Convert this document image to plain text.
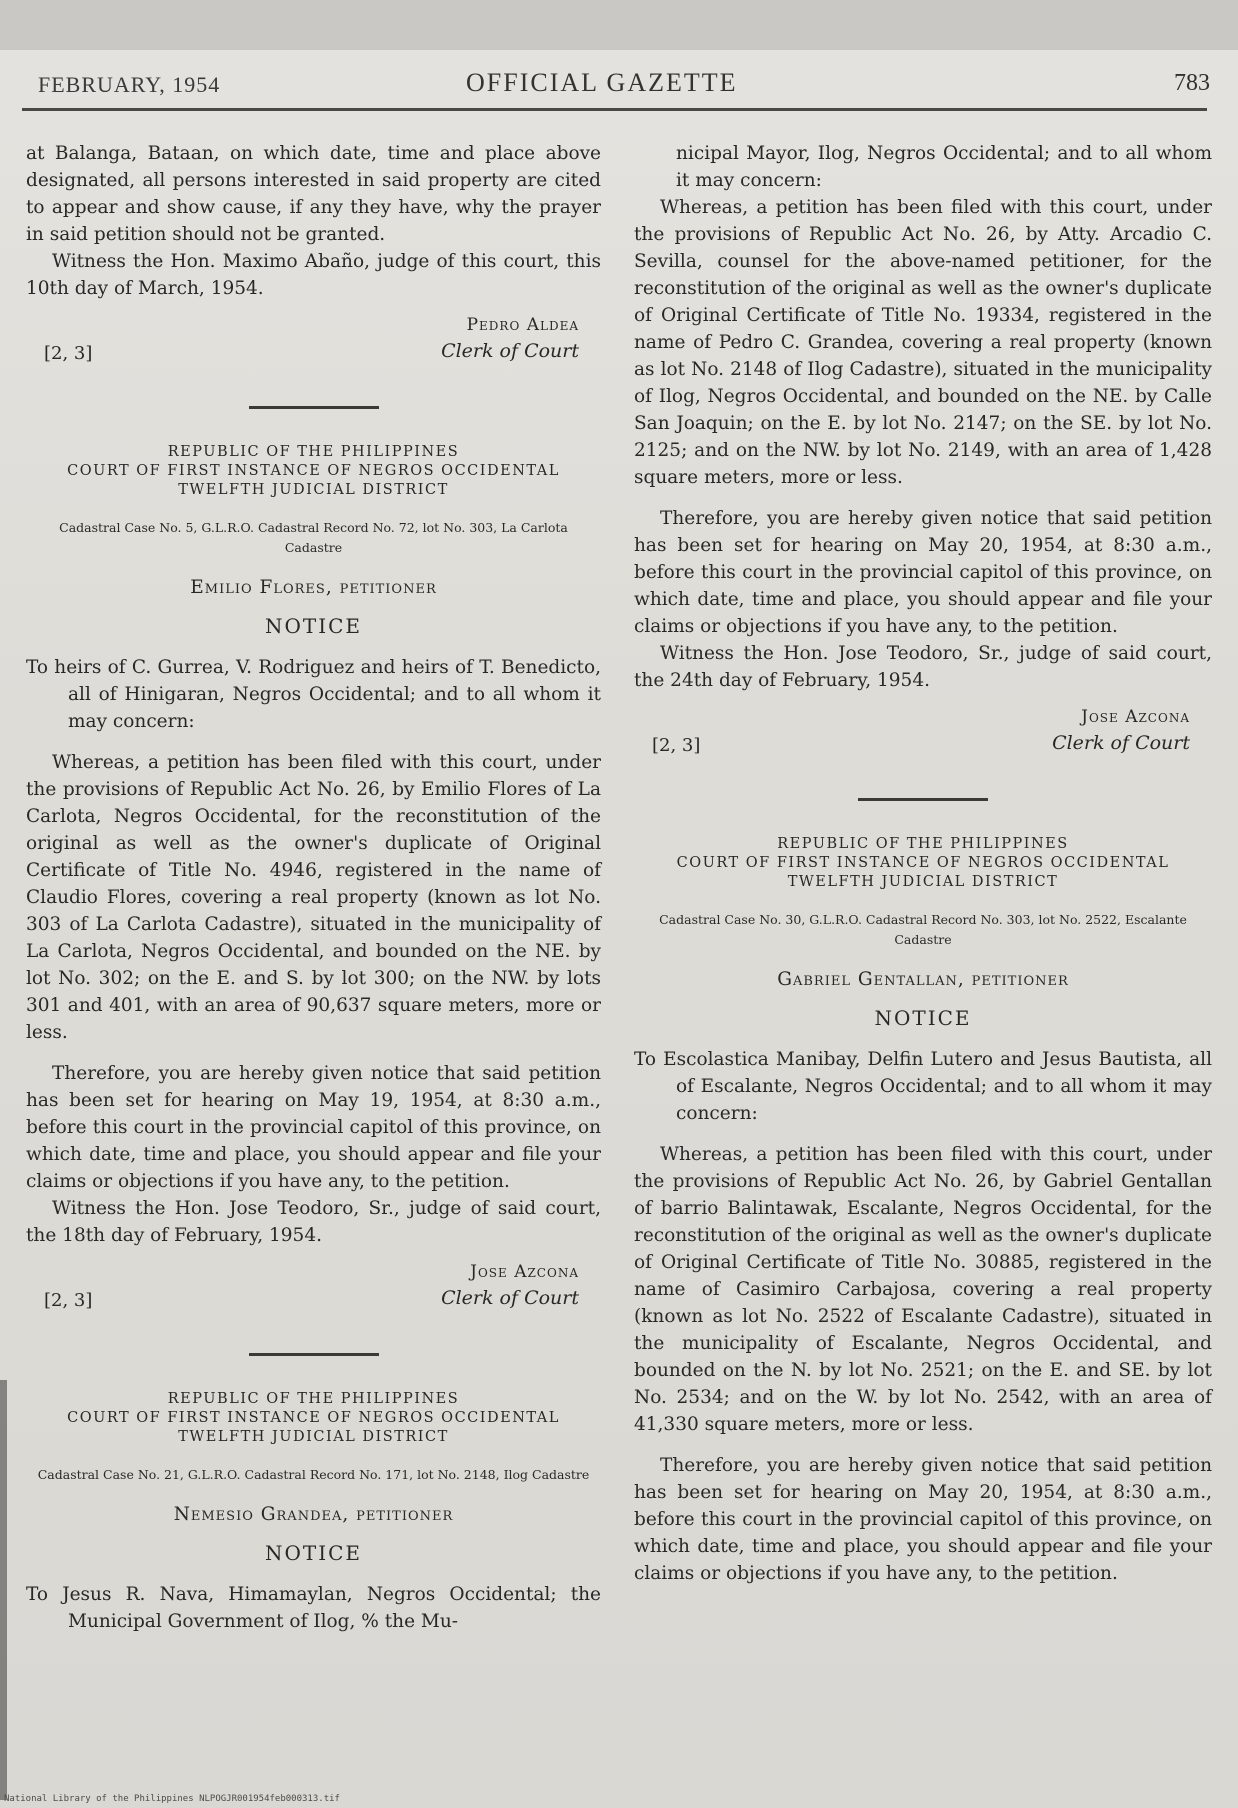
FEBRUARY, 1954	OFFICIAL GAZETTE	783

at Balanga, Bataan, on which date, time and place above designated, all persons interested in said property are cited to appear and show cause, if any they have, why the prayer in said petition should not be granted.

Witness the Hon. Maximo Abaño, judge of this court, this 10th day of March, 1954.

Pedro Aldea
[2, 3]	Clerk of Court
REPUBLIC OF THE PHILIPPINES
COURT OF FIRST INSTANCE OF NEGROS OCCIDENTAL
TWELFTH JUDICIAL DISTRICT
Cadastral Case No. 5, G.L.R.O. Cadastral Record No. 72, lot No. 303, La Carlota Cadastre
Emilio Flores, petitioner
NOTICE

To heirs of C. Gurrea, V. Rodriguez and heirs of T. Benedicto, all of Hinigaran, Negros Occidental; and to all whom it may concern:

Whereas, a petition has been filed with this court, under the provisions of Republic Act No. 26, by Emilio Flores of La Carlota, Negros Occidental, for the reconstitution of the original as well as the owner's duplicate of Original Certificate of Title No. 4946, registered in the name of Claudio Flores, covering a real property (known as lot No. 303 of La Carlota Cadastre), situated in the municipality of La Carlota, Negros Occidental, and bounded on the NE. by lot No. 302; on the E. and S. by lot 300; on the NW. by lots 301 and 401, with an area of 90,637 square meters, more or less.

Therefore, you are hereby given notice that said petition has been set for hearing on May 19, 1954, at 8:30 a.m., before this court in the provincial capitol of this province, on which date, time and place, you should appear and file your claims or objections if you have any, to the petition.

Witness the Hon. Jose Teodoro, Sr., judge of said court, the 18th day of February, 1954.

Jose Azcona
[2, 3]	Clerk of Court
REPUBLIC OF THE PHILIPPINES
COURT OF FIRST INSTANCE OF NEGROS OCCIDENTAL
TWELFTH JUDICIAL DISTRICT
Cadastral Case No. 21, G.L.R.O. Cadastral Record No. 171, lot No. 2148, Ilog Cadastre
Nemesio Grandea, petitioner
NOTICE

To Jesus R. Nava, Himamaylan, Negros Occidental; the Municipal Government of Ilog, % the Mu-

nicipal Mayor, Ilog, Negros Occidental; and to all whom it may concern:

Whereas, a petition has been filed with this court, under the provisions of Republic Act No. 26, by Atty. Arcadio C. Sevilla, counsel for the above-named petitioner, for the reconstitution of the original as well as the owner's duplicate of Original Certificate of Title No. 19334, registered in the name of Pedro C. Grandea, covering a real property (known as lot No. 2148 of Ilog Cadastre), situated in the municipality of Ilog, Negros Occidental, and bounded on the NE. by Calle San Joaquin; on the E. by lot No. 2147; on the SE. by lot No. 2125; and on the NW. by lot No. 2149, with an area of 1,428 square meters, more or less.

Therefore, you are hereby given notice that said petition has been set for hearing on May 20, 1954, at 8:30 a.m., before this court in the provincial capitol of this province, on which date, time and place, you should appear and file your claims or objections if you have any, to the petition.

Witness the Hon. Jose Teodoro, Sr., judge of said court, the 24th day of February, 1954.

Jose Azcona
[2, 3]	Clerk of Court
REPUBLIC OF THE PHILIPPINES
COURT OF FIRST INSTANCE OF NEGROS OCCIDENTAL
TWELFTH JUDICIAL DISTRICT
Cadastral Case No. 30, G.L.R.O. Cadastral Record No. 303, lot No. 2522, Escalante Cadastre
Gabriel Gentallan, petitioner
NOTICE

To Escolastica Manibay, Delfin Lutero and Jesus Bautista, all of Escalante, Negros Occidental; and to all whom it may concern:

Whereas, a petition has been filed with this court, under the provisions of Republic Act No. 26, by Gabriel Gentallan of barrio Balintawak, Escalante, Negros Occidental, for the reconstitution of the original as well as the owner's duplicate of Original Certificate of Title No. 30885, registered in the name of Casimiro Carbajosa, covering a real property (known as lot No. 2522 of Escalante Cadastre), situated in the municipality of Escalante, Negros Occidental, and bounded on the N. by lot No. 2521; on the E. and SE. by lot No. 2534; and on the W. by lot No. 2542, with an area of 41,330 square meters, more or less.

Therefore, you are hereby given notice that said petition has been set for hearing on May 20, 1954, at 8:30 a.m., before this court in the provincial capitol of this province, on which date, time and place, you should appear and file your claims or objections if you have any, to the petition.

National Library of the Philippines NLPOGJR001954feb000313.tif
